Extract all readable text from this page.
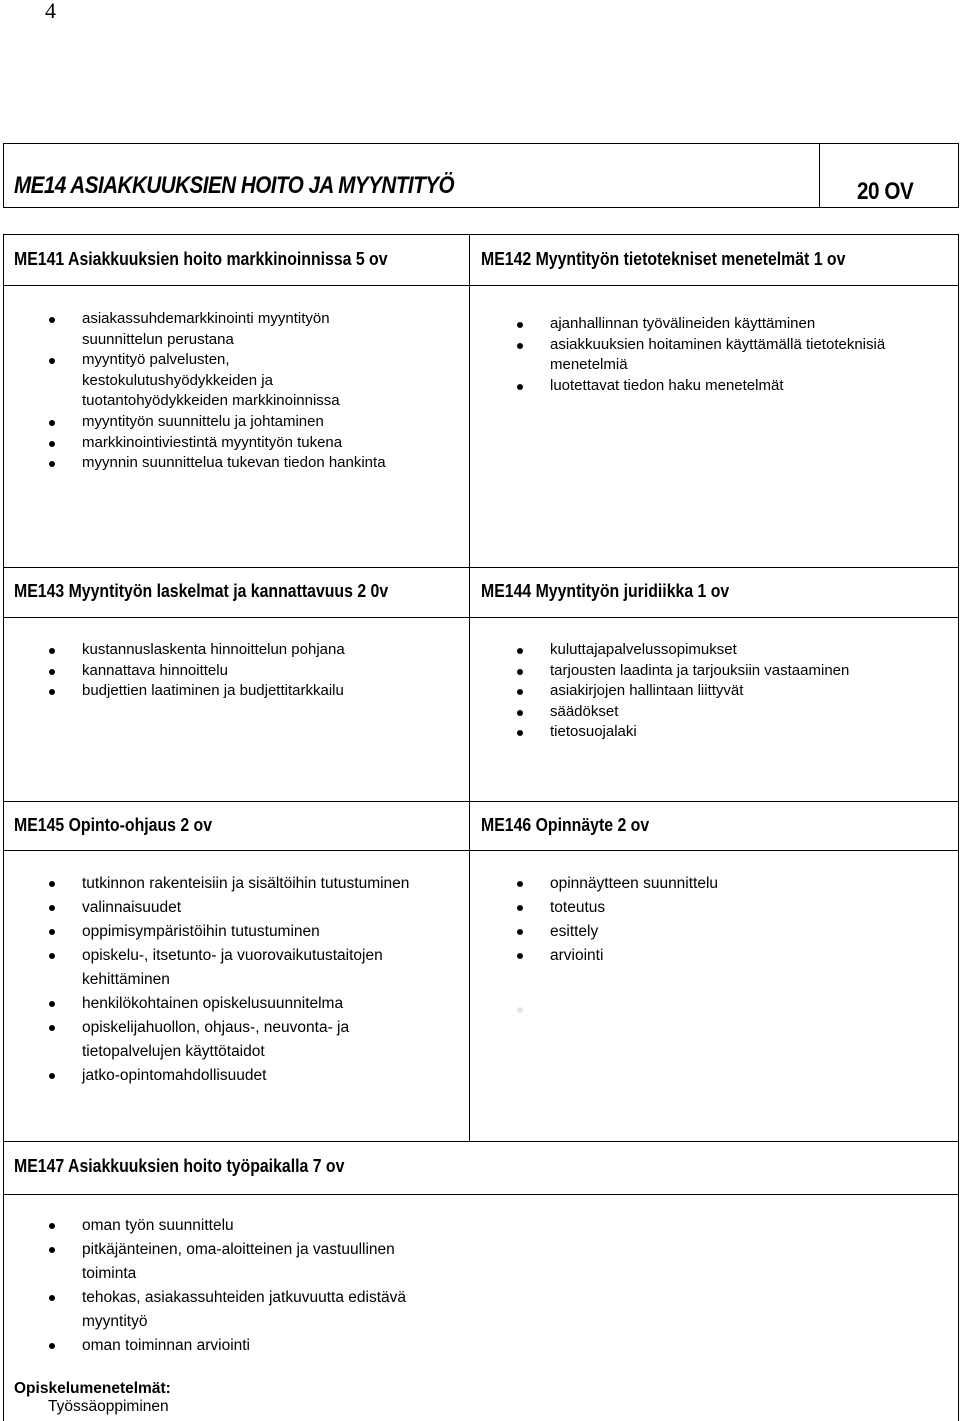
4
ME14 ASIAKKUUKSIEN HOITO JA MYYNTITYÖ	20 OV
ME141 Asiakkuuksien hoito markkinoinnissa 5 ov
asiakassuhdemarkkinointi myyntityön suunnittelun perustana
myyntityö palvelusten, kestokulutushyödykkeiden ja tuotantohyödykkeiden markkinoinnissa
myyntityön suunnittelu ja johtaminen
markkinointiviestintä myyntityön tukena
myynnin suunnittelua tukevan tiedon hankinta
ME142 Myyntityön tietotekniset menetelmät 1 ov
ajanhallinnan työvälineiden käyttäminen
asiakkuuksien hoitaminen käyttämällä tietoteknisiä menetelmiä
luotettavat tiedon haku menetelmät
ME143 Myyntityön laskelmat ja kannattavuus 2 0v
kustannuslaskenta hinnoittelun pohjana
kannattava hinnoittelu
budjettien laatiminen ja budjettitarkkailu
ME144 Myyntityön juridiikka 1 ov
kuluttajapalvelussopimukset
tarjousten laadinta ja tarjouksiin vastaaminen
asiakirjojen hallintaan liittyvät
säädökset
tietosuojalaki
ME145 Opinto-ohjaus 2 ov
tutkinnon rakenteisiin ja sisältöihin tutustuminen
valinnaisuudet
oppimisympäristöihin tutustuminen
opiskelu-, itsetunto- ja vuorovaikutustaitojen kehittäminen
henkilökohtainen opiskelusuunnitelma
opiskelijahuollon, ohjaus-, neuvonta- ja tietopalvelujen käyttötaidot
jatko-opintomahdollisuudet
ME146 Opinnäyte 2 ov
opinnäytteen suunnittelu
toteutus
esittely
arviointi
ME147 Asiakkuuksien hoito työpaikalla 7 ov
oman työn suunnittelu
pitkäjänteinen, oma-aloitteinen ja vastuullinen toiminta
tehokas, asiakassuhteiden jatkuvuutta edistävä myyntityö
oman toiminnan arviointi
Opiskelumenetelmät:
Työssäoppiminen
